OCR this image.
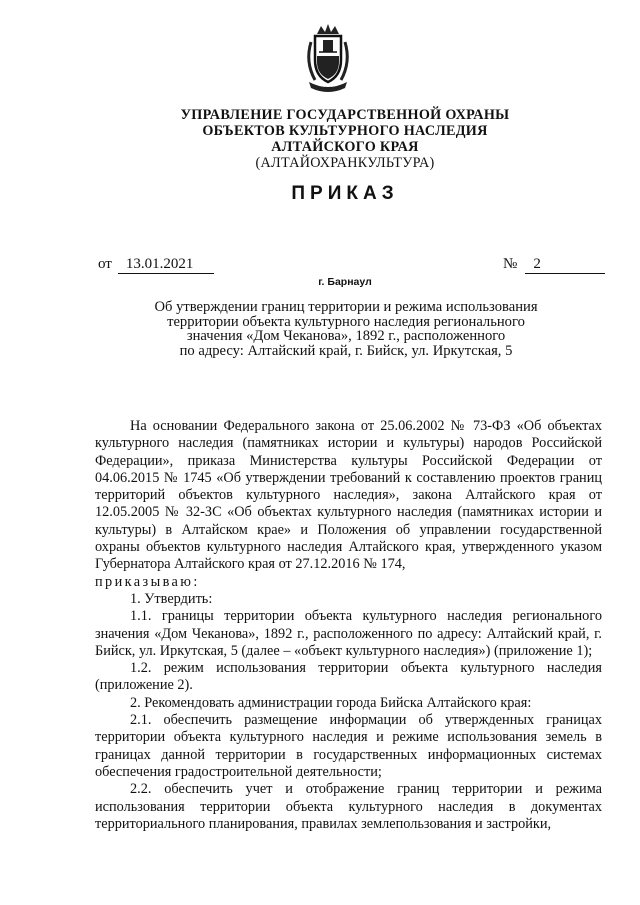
УПРАВЛЕНИЕ ГОСУДАРСТВЕННОЙ ОХРАНЫ
ОБЪЕКТОВ КУЛЬТУРНОГО НАСЛЕДИЯ
АЛТАЙСКОГО КРАЯ
(АЛТАЙОХРАНКУЛЬТУРА)
ПРИКАЗ
от 13.01.2021	№ 2
г. Барнаул
Об утверждении границ территории и режима использования
территории объекта культурного наследия регионального
значения «Дом Чеканова», 1892 г., расположенного
по адресу: Алтайский край, г. Бийск, ул. Иркутская, 5

На основании Федерального закона от 25.06.2002 № 73-ФЗ «Об объектах культурного наследия (памятниках истории и культуры) народов Российской Федерации», приказа Министерства культуры Российской Федерации от 04.06.2015 № 1745 «Об утверждении требований к составлению проектов границ территорий объектов культурного наследия», закона Алтайского края от 12.05.2005 № 32-ЗС «Об объектах культурного наследия (памятниках истории и культуры) в Алтайском крае» и Положения об управлении государственной охраны объектов культурного наследия Алтайского края, утвержденного указом Губернатора Алтайского края от 27.12.2016 № 174,

приказываю:

1. Утвердить:

1.1. границы территории объекта культурного наследия регионального значения «Дом Чеканова», 1892 г., расположенного по адресу: Алтайский край, г. Бийск, ул. Иркутская, 5 (далее – «объект культурного наследия») (приложение 1);

1.2. режим использования территории объекта культурного наследия (приложение 2).

2. Рекомендовать администрации города Бийска Алтайского края:

2.1. обеспечить размещение информации об утвержденных границах территории объекта культурного наследия и режиме использования земель в границах данной территории в государственных информационных системах обеспечения градостроительной деятельности;

2.2. обеспечить учет и отображение границ территории и режима использования территории объекта культурного наследия в документах территориального планирования, правилах землепользования и застройки,
